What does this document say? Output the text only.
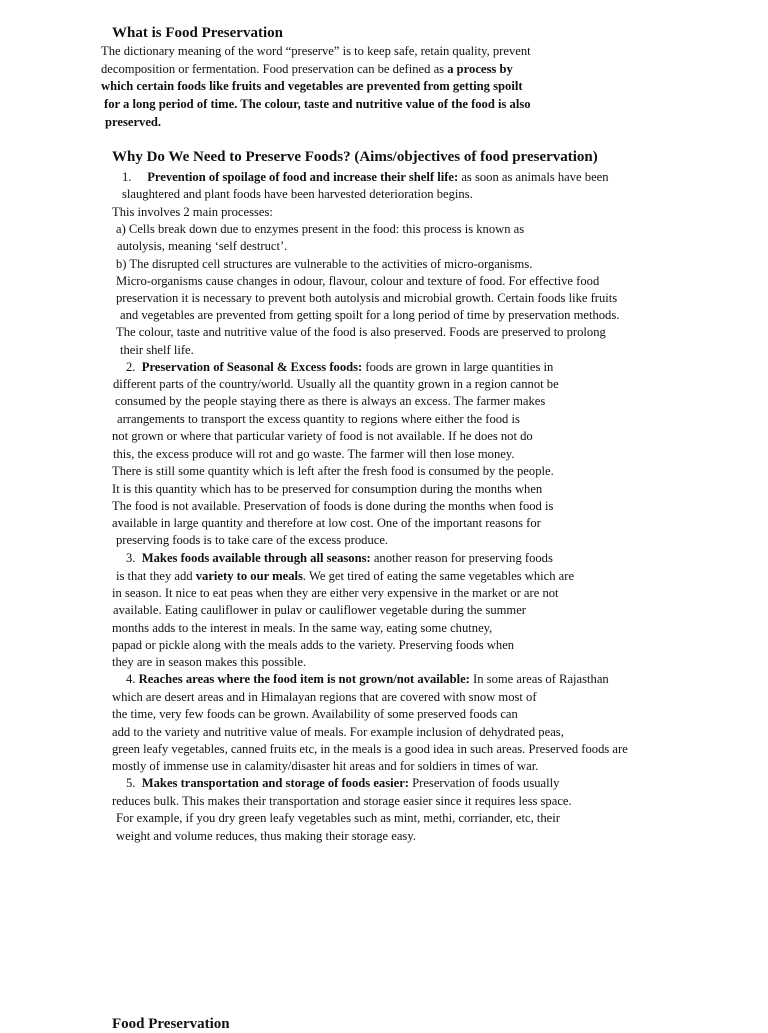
What is Food Preservation
The dictionary meaning of the word “preserve” is to keep safe, retain quality, prevent
decomposition or fermentation. Food preservation can be defined as a process by
which certain foods like fruits and vegetables are prevented from getting spoilt
for a long period of time. The colour, taste and nutritive value of the food is also
preserved.
Why Do We Need to Preserve Foods? (Aims/objectives of food preservation)
1. Prevention of spoilage of food and increase their shelf life: as soon as animals have been
slaughtered and plant foods have been harvested deterioration begins.
This involves 2 main processes:
a) Cells break down due to enzymes present in the food: this process is known as
autolysis, meaning ‘self destruct’.
b) The disrupted cell structures are vulnerable to the activities of micro-organisms.
Micro-organisms cause changes in odour, flavour, colour and texture of food. For effective food
preservation it is necessary to prevent both autolysis and microbial growth. Certain foods like fruits
and vegetables are prevented from getting spoilt for a long period of time by preservation methods.
The colour, taste and nutritive value of the food is also preserved. Foods are preserved to prolong
their shelf life.
2. Preservation of Seasonal & Excess foods: foods are grown in large quantities in
different parts of the country/world. Usually all the quantity grown in a region cannot be
consumed by the people staying there as there is always an excess. The farmer makes
arrangements to transport the excess quantity to regions where either the food is
not grown or where that particular variety of food is not available. If he does not do
this, the excess produce will rot and go waste. The farmer will then lose money.
There is still some quantity which is left after the fresh food is consumed by the people.
It is this quantity which has to be preserved for consumption during the months when
The food is not available. Preservation of foods is done during the months when food is
available in large quantity and therefore at low cost. One of the important reasons for
preserving foods is to take care of the excess produce.
3. Makes foods available through all seasons: another reason for preserving foods
is that they add variety to our meals. We get tired of eating the same vegetables which are
in season. It nice to eat peas when they are either very expensive in the market or are not
available. Eating cauliflower in pulav or cauliflower vegetable during the summer
months adds to the interest in meals. In the same way, eating some chutney,
papad or pickle along with the meals adds to the variety. Preserving foods when
they are in season makes this possible.
4. Reaches areas where the food item is not grown/not available: In some areas of Rajasthan
which are desert areas and in Himalayan regions that are covered with snow most of
the time, very few foods can be grown. Availability of some preserved foods can
add to the variety and nutritive value of meals. For example inclusion of dehydrated peas,
green leafy vegetables, canned fruits etc, in the meals is a good idea in such areas. Preserved foods are
mostly of immense use in calamity/disaster hit areas and for soldiers in times of war.
5. Makes transportation and storage of foods easier: Preservation of foods usually
reduces bulk. This makes their transportation and storage easier since it requires less space.
For example, if you dry green leafy vegetables such as mint, methi, corriander, etc, their
weight and volume reduces, thus making their storage easy.
Food Preservation
